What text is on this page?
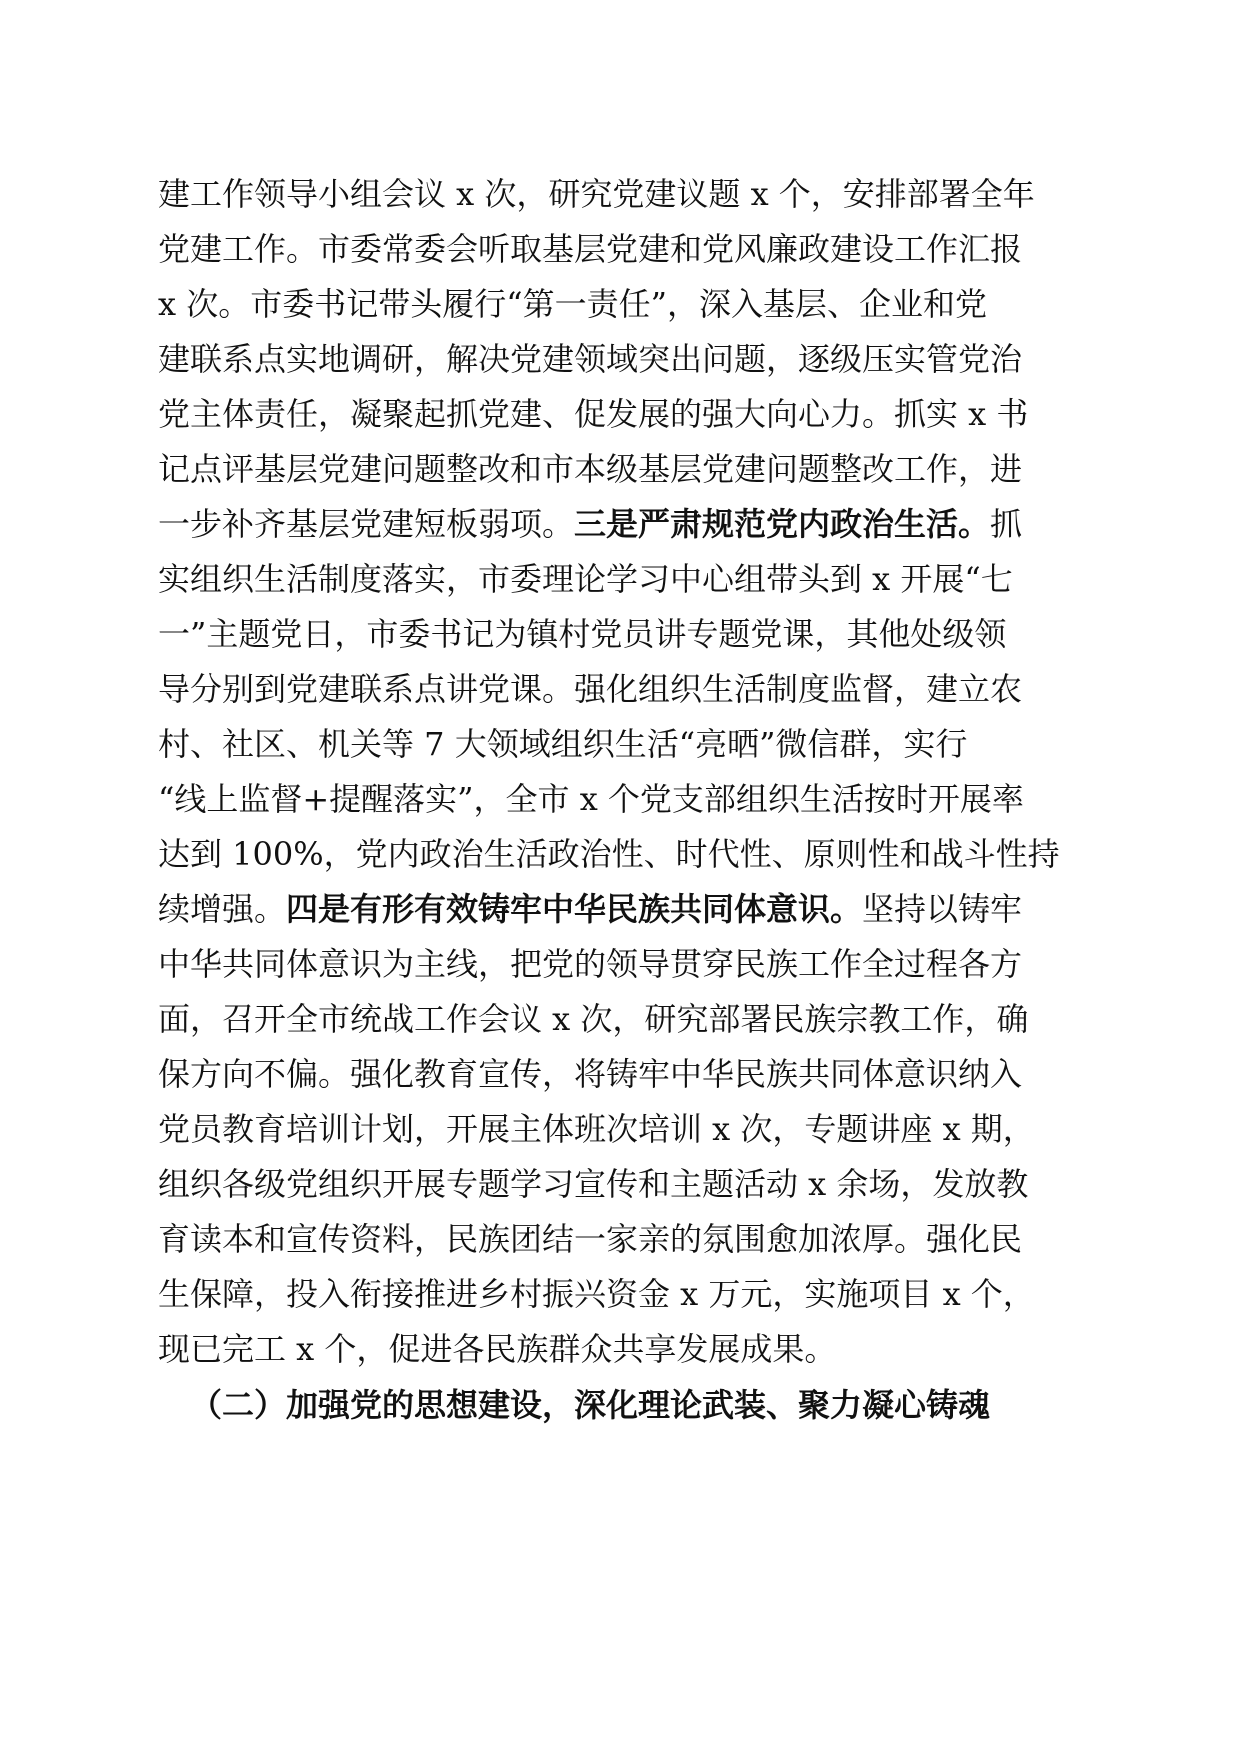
建工作领导小组会议 x 次，研究党建议题 x 个，安排部署全年
党建工作。市委常委会听取基层党建和党风廉政建设工作汇报
x 次。市委书记带头履行“第一责任”，深入基层、企业和党
建联系点实地调研，解决党建领域突出问题，逐级压实管党治
党主体责任，凝聚起抓党建、促发展的强大向心力。抓实 x 书
记点评基层党建问题整改和市本级基层党建问题整改工作，进
一步补齐基层党建短板弱项。三是严肃规范党内政治生活。抓
实组织生活制度落实，市委理论学习中心组带头到 x 开展“七
一”主题党日，市委书记为镇村党员讲专题党课，其他处级领
导分别到党建联系点讲党课。强化组织生活制度监督，建立农
村、社区、机关等 7 大领域组织生活“亮晒”微信群，实行
“线上监督+提醒落实”，全市 x 个党支部组织生活按时开展率
达到 100%，党内政治生活政治性、时代性、原则性和战斗性持
续增强。四是有形有效铸牢中华民族共同体意识。坚持以铸牢
中华共同体意识为主线，把党的领导贯穿民族工作全过程各方
面，召开全市统战工作会议 x 次，研究部署民族宗教工作，确
保方向不偏。强化教育宣传，将铸牢中华民族共同体意识纳入
党员教育培训计划，开展主体班次培训 x 次，专题讲座 x 期，
组织各级党组织开展专题学习宣传和主题活动 x 余场，发放教
育读本和宣传资料，民族团结一家亲的氛围愈加浓厚。强化民
生保障，投入衔接推进乡村振兴资金 x 万元，实施项目 x 个，
现已完工 x 个，促进各民族群众共享发展成果。
（二）加强党的思想建设，深化理论武装、聚力凝心铸魂
